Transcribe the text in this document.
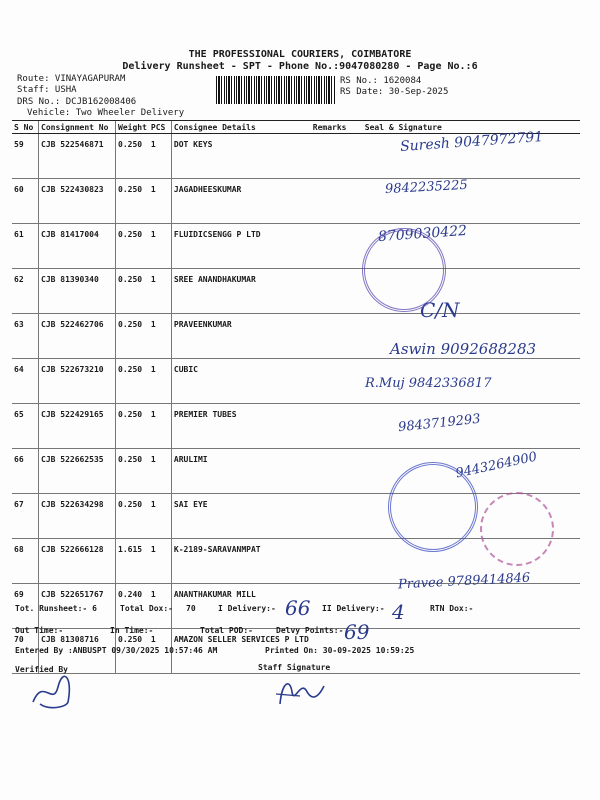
THE PROFESSIONAL COURIERS, COIMBATORE
Delivery Runsheet - SPT - Phone No.:9047080280 - Page No.:6
Route: VINAYAGAPURAM
Staff: USHA
DRS No.: DCJB162008406
Vehicle: Two Wheeler Delivery
RS No.: 1620084
RS Date: 30-Sep-2025
S No	Consignment No	Weight	PCS	Consignee Details	Remarks	Seal & Signature
59	CJB 522546871	0.250	1	DOT KEYS		
60	CJB 522430823	0.250	1	JAGADHEESKUMAR		
61	CJB 81417004	0.250	1	FLUIDICSENGG P LTD		
62	CJB 81390340	0.250	1	SREE ANANDHAKUMAR		
63	CJB 522462706	0.250	1	PRAVEENKUMAR		
64	CJB 522673210	0.250	1	CUBIC		
65	CJB 522429165	0.250	1	PREMIER TUBES		
66	CJB 522662535	0.250	1	ARULIMI		
67	CJB 522634298	0.250	1	SAI EYE		
68	CJB 522666128	1.615	1	K-2189-SARAVANMPAT		
69	CJB 522651767	0.240	1	ANANTHAKUMAR MILL		
70	CJB 81308716	0.250	1	AMAZON SELLER SERVICES P LTD		
Suresh 9047972791
9842235225
8709030422
C/N
Aswin 9092688283
R.Muj 9842336817
9843719293
9443264900
Pravee 9789414846
Tot. Runsheet:- 6	Total Dox:- 70	I Delivery:- 66 II Delivery:- 4	RTN Dox:-
Out Time:-	In Time:-	Total POD:-	Delvy Points:- 69
Entered By :ANBUSPT 09/30/2025 10:57:46 AM	Printed On: 30-09-2025 10:59:25
Verified By	Staff Signature
